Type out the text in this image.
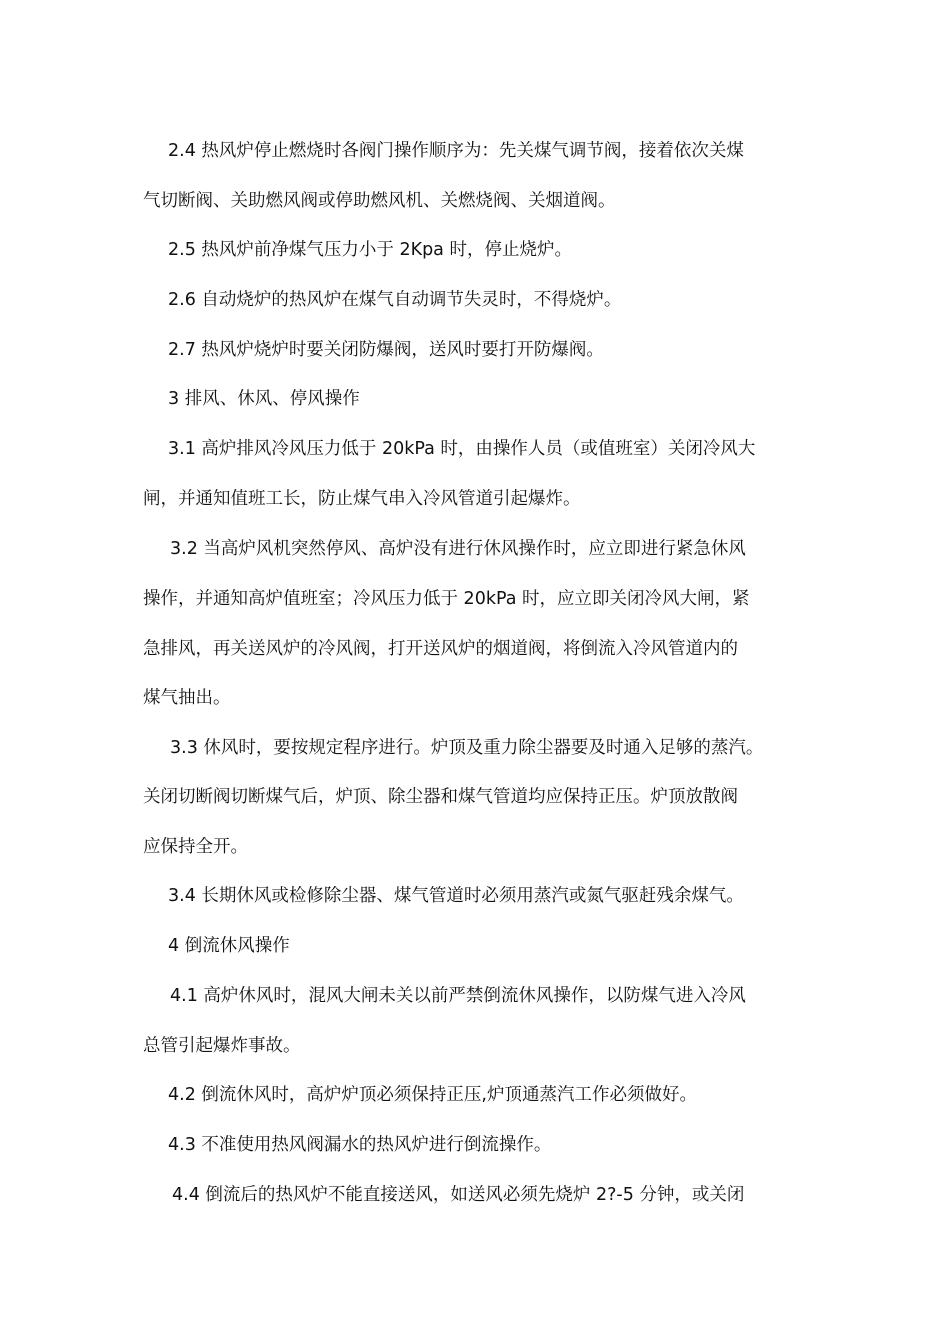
2.4 热风炉停止燃烧时各阀门操作顺序为：先关煤气调节阀，接着依次关煤
气切断阀、关助燃风阀或停助燃风机、关燃烧阀、关烟道阀。
2.5 热风炉前净煤气压力小于 2Kpa 时，停止烧炉。
2.6 自动烧炉的热风炉在煤气自动调节失灵时，不得烧炉。
2.7 热风炉烧炉时要关闭防爆阀，送风时要打开防爆阀。
3 排风、休风、停风操作
3.1 高炉排风冷风压力低于 20kPa 时，由操作人员（或值班室）关闭冷风大
闸，并通知值班工长，防止煤气串入冷风管道引起爆炸。
3.2 当高炉风机突然停风、高炉没有进行休风操作时，应立即进行紧急休风
操作，并通知高炉值班室；冷风压力低于 20kPa 时，应立即关闭冷风大闸，紧
急排风，再关送风炉的冷风阀，打开送风炉的烟道阀，将倒流入冷风管道内的
煤气抽出。
3.3 休风时，要按规定程序进行。炉顶及重力除尘器要及时通入足够的蒸汽。
关闭切断阀切断煤气后，炉顶、除尘器和煤气管道均应保持正压。炉顶放散阀
应保持全开。
3.4 长期休风或检修除尘器、煤气管道时必须用蒸汽或氮气驱赶残余煤气。
4 倒流休风操作
4.1 高炉休风时，混风大闸未关以前严禁倒流休风操作，以防煤气进入冷风
总管引起爆炸事故。
4.2 倒流休风时，高炉炉顶必须保持正压,炉顶通蒸汽工作必须做好。
4.3 不准使用热风阀漏水的热风炉进行倒流操作。
4.4 倒流后的热风炉不能直接送风，如送风必须先烧炉 2?-5 分钟，或关闭
